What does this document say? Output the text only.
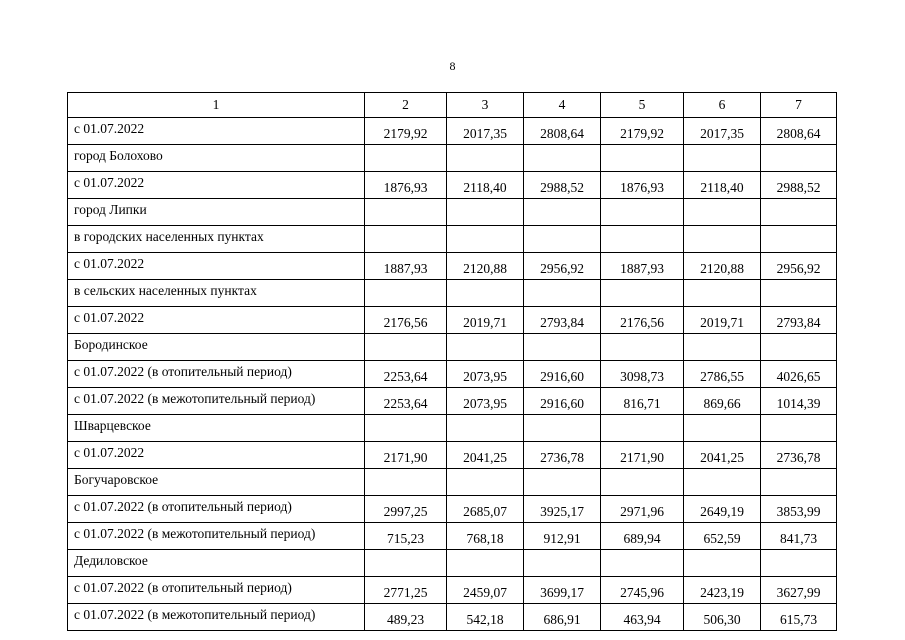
8
1	2	3	4	5	6	7
с 01.07.2022	2179,92	2017,35	2808,64	2179,92	2017,35	2808,64
город Болохово						
с 01.07.2022	1876,93	2118,40	2988,52	1876,93	2118,40	2988,52
город Липки						
в городских населенных пунктах						
с 01.07.2022	1887,93	2120,88	2956,92	1887,93	2120,88	2956,92
в сельских населенных пунктах						
с 01.07.2022	2176,56	2019,71	2793,84	2176,56	2019,71	2793,84
Бородинское						
с 01.07.2022 (в отопительный период)	2253,64	2073,95	2916,60	3098,73	2786,55	4026,65
с 01.07.2022 (в межотопительный период)	2253,64	2073,95	2916,60	816,71	869,66	1014,39
Шварцевское						
с 01.07.2022	2171,90	2041,25	2736,78	2171,90	2041,25	2736,78
Богучаровское						
с 01.07.2022 (в отопительный период)	2997,25	2685,07	3925,17	2971,96	2649,19	3853,99
с 01.07.2022 (в межотопительный период)	715,23	768,18	912,91	689,94	652,59	841,73
Дедиловское						
с 01.07.2022 (в отопительный период)	2771,25	2459,07	3699,17	2745,96	2423,19	3627,99
с 01.07.2022 (в межотопительный период)	489,23	542,18	686,91	463,94	506,30	615,73
